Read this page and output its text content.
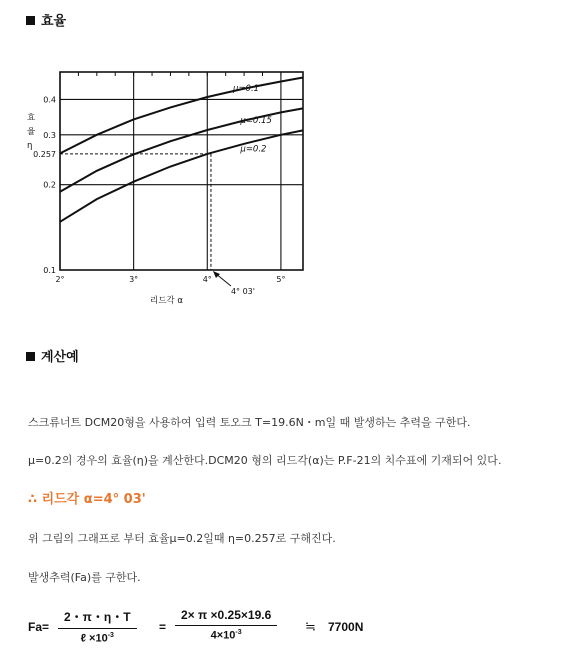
효율
μ=0.1
μ=0.15
μ=0.2
4° 03'
2°	3°	4°	5°
0.1
0.2
0.257
0.3
0.4
효
율
η
리드각 α
계산예
스크류너트 DCM20형을 사용하여 입력 토오크 T=19.6N・m일 때 발생하는 추력을 구한다.
μ=0.2의 경우의 효율(η)을 계산한다.DCM20 형의 리드각(α)는 P.F-21의 치수표에 기재되어 있다.
∴ 리드각 α=4° 03'
위 그림의 그래프로 부터 효율μ=0.2일때 η=0.257로 구해진다.
발생추력(Fa)를 구한다.
Fa=
2・π・η・T
ℓ $\times 10^{-3}$
=
2× π ×0.25×19.6
$4\times 10^{-3}$	≒ 7700N
